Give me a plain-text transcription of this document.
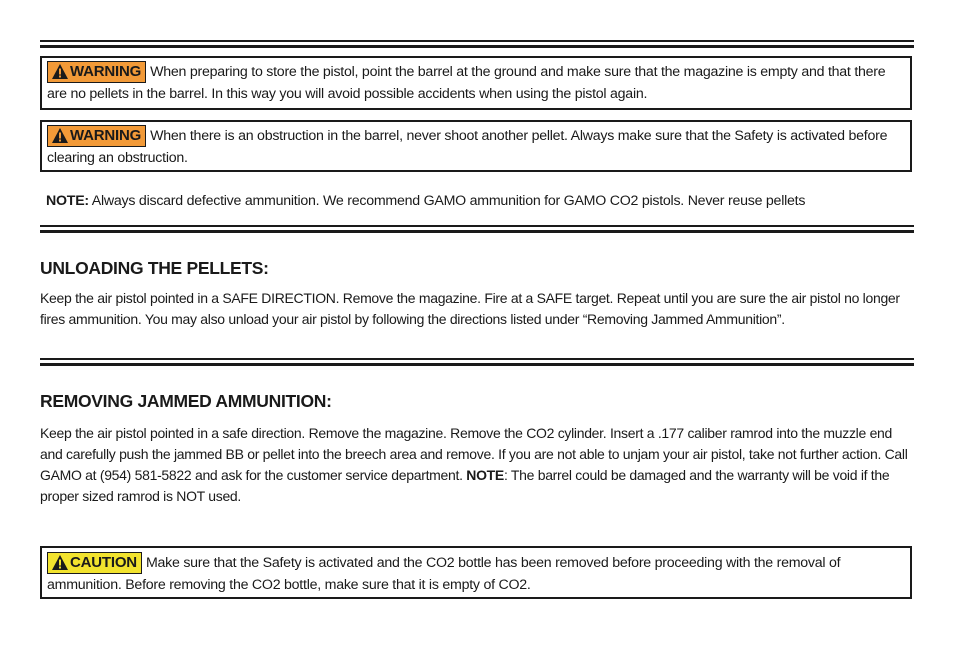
WARNING When preparing to store the pistol, point the barrel at the ground and make sure that the magazine is empty and that there are no pellets in the barrel. In this way you will avoid possible accidents when using the pistol again.
WARNING When there is an obstruction in the barrel, never shoot another pellet. Always make sure that the Safety is activated before clearing an obstruction.
NOTE: Always discard defective ammunition. We recommend GAMO ammunition for GAMO CO2 pistols. Never reuse pellets
UNLOADING THE PELLETS:
Keep the air pistol pointed in a SAFE DIRECTION. Remove the magazine. Fire at a SAFE target. Repeat until you are sure the air pistol no longer fires ammunition. You may also unload your air pistol by following the directions listed under “Removing Jammed Ammunition”.
REMOVING JAMMED AMMUNITION:
Keep the air pistol pointed in a safe direction. Remove the magazine. Remove the CO2 cylinder. Insert a .177 caliber ramrod into the muzzle end and carefully push the jammed BB or pellet into the breech area and remove. If you are not able to unjam your air pistol, take not further action. Call GAMO at (954) 581-5822 and ask for the customer service department. NOTE: The barrel could be damaged and the warranty will be void if the proper sized ramrod is NOT used.
CAUTION Make sure that the Safety is activated and the CO2 bottle has been removed before proceeding with the removal of ammunition. Before removing the CO2 bottle, make sure that it is empty of CO2.
